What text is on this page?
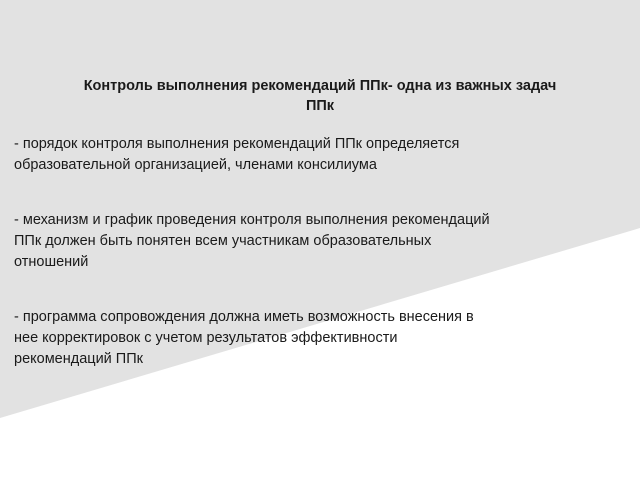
Контроль выполнения рекомендаций ППк- одна из важных задач
ППк
- порядок контроля выполнения рекомендаций ППк определяется
образовательной организацией, членами консилиума
- механизм и график проведения контроля выполнения рекомендаций
ППк должен быть понятен всем участникам образовательных
отношений
- программа сопровождения должна иметь возможность внесения в
нее корректировок с учетом результатов эффективности
рекомендаций ППк
